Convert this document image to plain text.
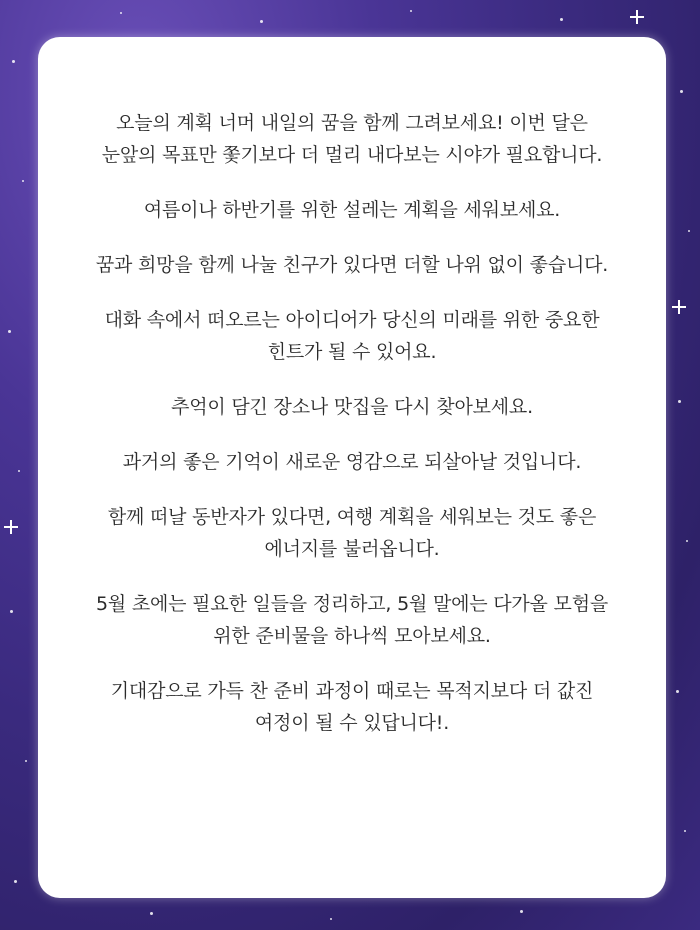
오늘의 계획 너머 내일의 꿈을 함께 그려보세요! 이번 달은
눈앞의 목표만 쫓기보다 더 멀리 내다보는 시야가 필요합니다.

여름이나 하반기를 위한 설레는 계획을 세워보세요.

꿈과 희망을 함께 나눌 친구가 있다면 더할 나위 없이 좋습니다.

대화 속에서 떠오르는 아이디어가 당신의 미래를 위한 중요한
힌트가 될 수 있어요.

추억이 담긴 장소나 맛집을 다시 찾아보세요.

과거의 좋은 기억이 새로운 영감으로 되살아날 것입니다.

함께 떠날 동반자가 있다면, 여행 계획을 세워보는 것도 좋은
에너지를 불러옵니다.

5월 초에는 필요한 일들을 정리하고, 5월 말에는 다가올 모험을
위한 준비물을 하나씩 모아보세요.

기대감으로 가득 찬 준비 과정이 때로는 목적지보다 더 값진
여정이 될 수 있답니다!.
